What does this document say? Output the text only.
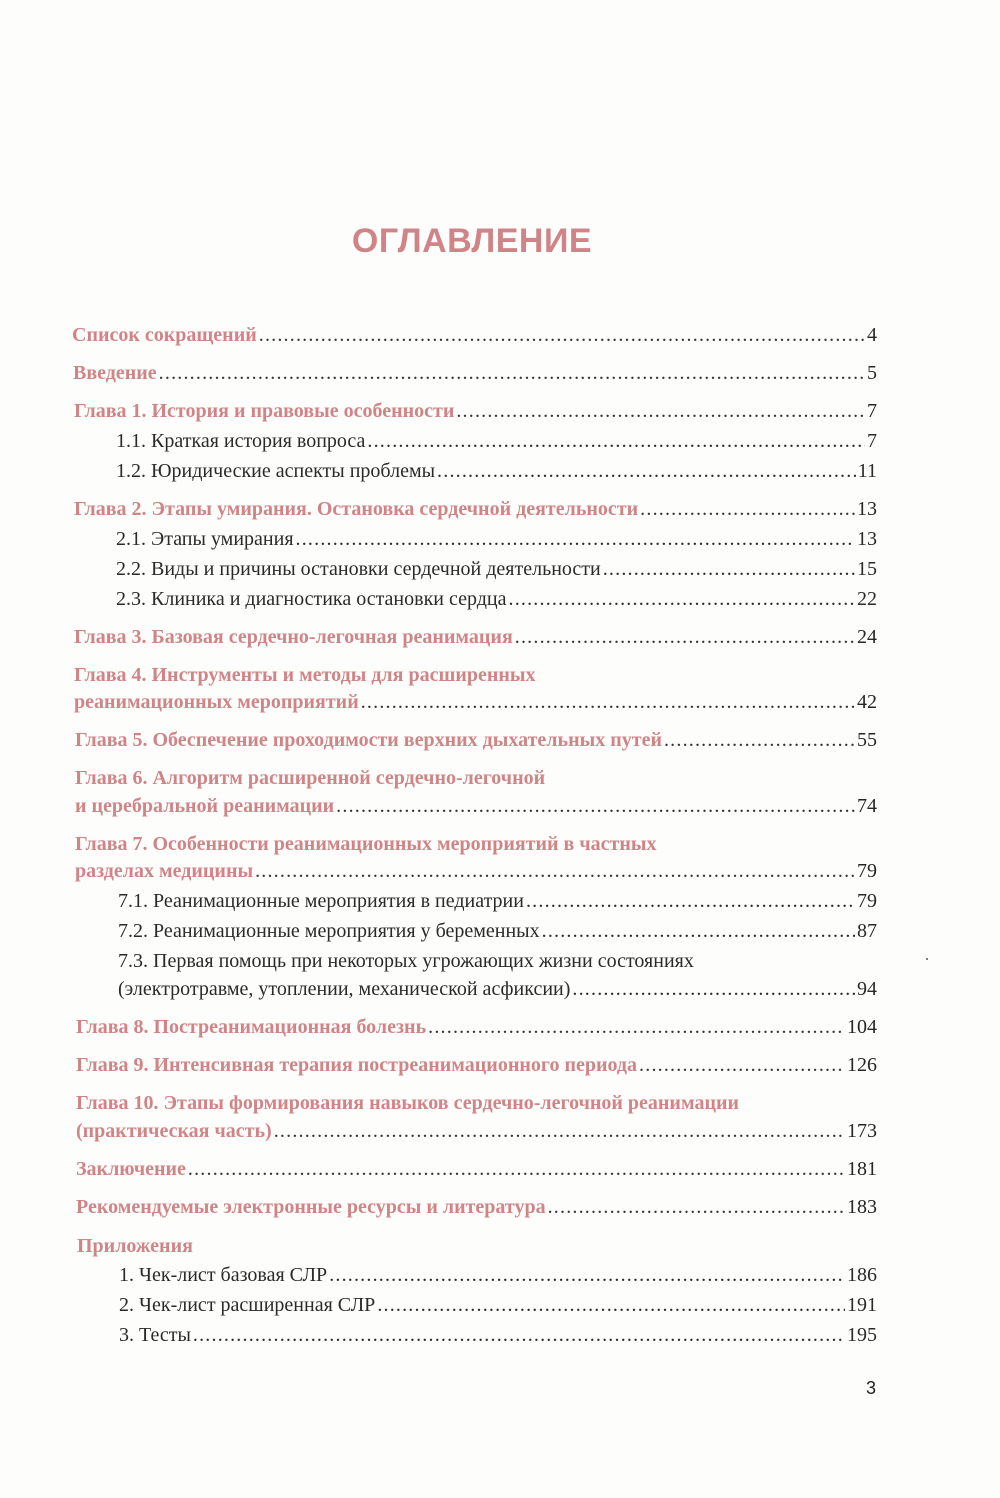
ОГЛАВЛЕНИЕ
Список сокращений .....	4
Введение .....	5
Глава 1. История и правовые особенности .....	7
1.1. Краткая история вопроса .....	7
1.2. Юридические аспекты проблемы .....	11
Глава 2. Этапы умирания. Остановка сердечной деятельности .....	13
2.1. Этапы умирания .....	13
2.2. Виды и причины остановки сердечной деятельности .....	15
2.3. Клиника и диагностика остановки сердца .....	22
Глава 3. Базовая сердечно-легочная реанимация .....	24
Глава 4. Инструменты и методы для расширенных
реанимационных мероприятий .....	42
Глава 5. Обеспечение проходимости верхних дыхательных путей .....	55
Глава 6. Алгоритм расширенной сердечно-легочной
и церебральной реанимации .....	74
Глава 7. Особенности реанимационных мероприятий в частных
разделах медицины .....	79
7.1. Реанимационные мероприятия в педиатрии .....	79
7.2. Реанимационные мероприятия у беременных .....	87
7.3. Первая помощь при некоторых угрожающих жизни состояниях
(электротравме, утоплении, механической асфиксии) .....	94
Глава 8. Постреанимационная болезнь .....	104
Глава 9. Интенсивная терапия постреанимационного периода .....	126
Глава 10. Этапы формирования навыков сердечно-легочной реанимации
(практическая часть) .....	173
Заключение .....	181
Рекомендуемые электронные ресурсы и литература .....	183
Приложения
1. Чек-лист базовая СЛР .....	186
2. Чек-лист расширенная СЛР .....	191
3. Тесты .....	195
3
